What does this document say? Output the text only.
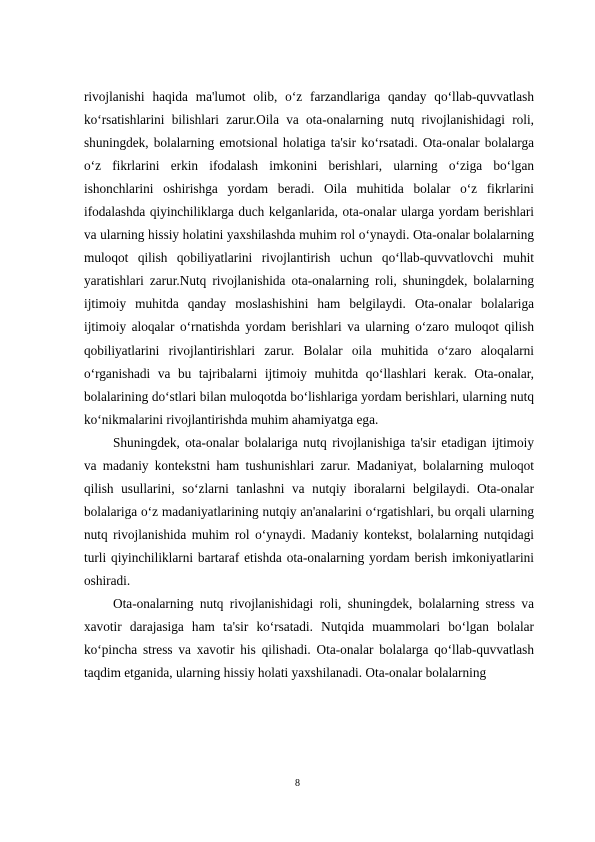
rivojlanishi haqida ma'lumot olib, o‘z farzandlariga qanday qo‘llab-quvvatlash ko‘rsatishlarini bilishlari zarur.Oila va ota-onalarning nutq rivojlanishidagi roli, shuningdek, bolalarning emotsional holatiga ta'sir ko‘rsatadi. Ota-onalar bolalarga o‘z fikrlarini erkin ifodalash imkonini berishlari, ularning o‘ziga bo‘lgan ishonchlarini oshirishga yordam beradi. Oila muhitida bolalar o‘z fikrlarini ifodalashda qiyinchiliklarga duch kelganlarida, ota-onalar ularga yordam berishlari va ularning hissiy holatini yaxshilashda muhim rol o‘ynaydi. Ota-onalar bolalarning muloqot qilish qobiliyatlarini rivojlantirish uchun qo‘llab-quvvatlovchi muhit yaratishlari zarur.Nutq rivojlanishida ota-onalarning roli, shuningdek, bolalarning ijtimoiy muhitda qanday moslashishini ham belgilaydi. Ota-onalar bolalariga ijtimoiy aloqalar o‘rnatishda yordam berishlari va ularning o‘zaro muloqot qilish qobiliyatlarini rivojlantirishlari zarur. Bolalar oila muhitida o‘zaro aloqalarni o‘rganishadi va bu tajribalarni ijtimoiy muhitda qo‘llashlari kerak. Ota-onalar, bolalarining do‘stlari bilan muloqotda bo‘lishlariga yordam berishlari, ularning nutq ko‘nikmalarini rivojlantirishda muhim ahamiyatga ega.

Shuningdek, ota-onalar bolalariga nutq rivojlanishiga ta'sir etadigan ijtimoiy va madaniy kontekstni ham tushunishlari zarur. Madaniyat, bolalarning muloqot qilish usullarini, so‘zlarni tanlashni va nutqiy iboralarni belgilaydi. Ota-onalar bolalariga o‘z madaniyatlarining nutqiy an'analarini o‘rgatishlari, bu orqali ularning nutq rivojlanishida muhim rol o‘ynaydi. Madaniy kontekst, bolalarning nutqidagi turli qiyinchiliklarni bartaraf etishda ota-onalarning yordam berish imkoniyatlarini oshiradi.

Ota-onalarning nutq rivojlanishidagi roli, shuningdek, bolalarning stress va xavotir darajasiga ham ta'sir ko‘rsatadi. Nutqida muammolari bo‘lgan bolalar ko‘pincha stress va xavotir his qilishadi. Ota-onalar bolalarga qo‘llab-quvvatlash taqdim etganida, ularning hissiy holati yaxshilanadi. Ota-onalar bolalarning

8
